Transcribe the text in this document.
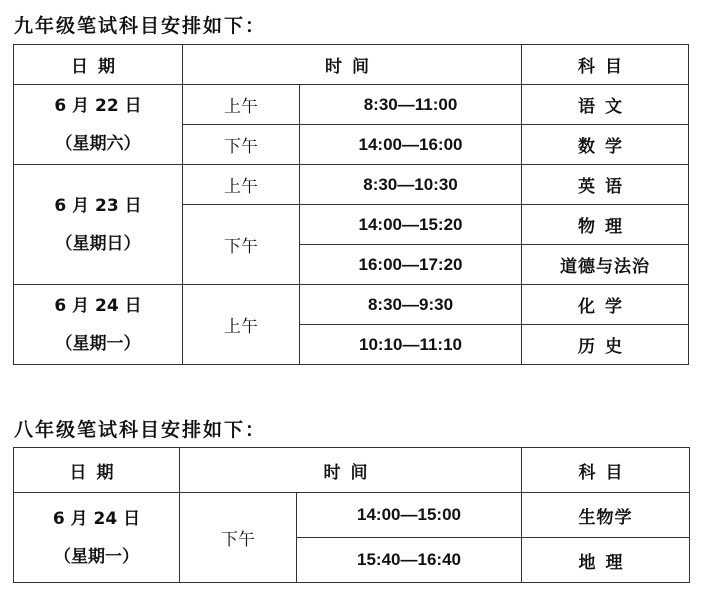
九年级笔试科目安排如下：
日期	时间		科目

6 月 22 日
（星期六）	上午	8:30—11:00	语文
	下午	14:00—16:00	数学

6 月 23 日
（星期日）	上午	8:30—10:30	英语
	下午	14:00—15:20	物理
		16:00—17:20	道德与法治

6 月 24 日
（星期一）	上午	8:30—9:30	化学
		10:10—11:10	历史
八年级笔试科目安排如下：
日期	时间		科目

6 月 24 日
（星期一）	下午	14:00—15:00	生物学
		15:40—16:40	地理
